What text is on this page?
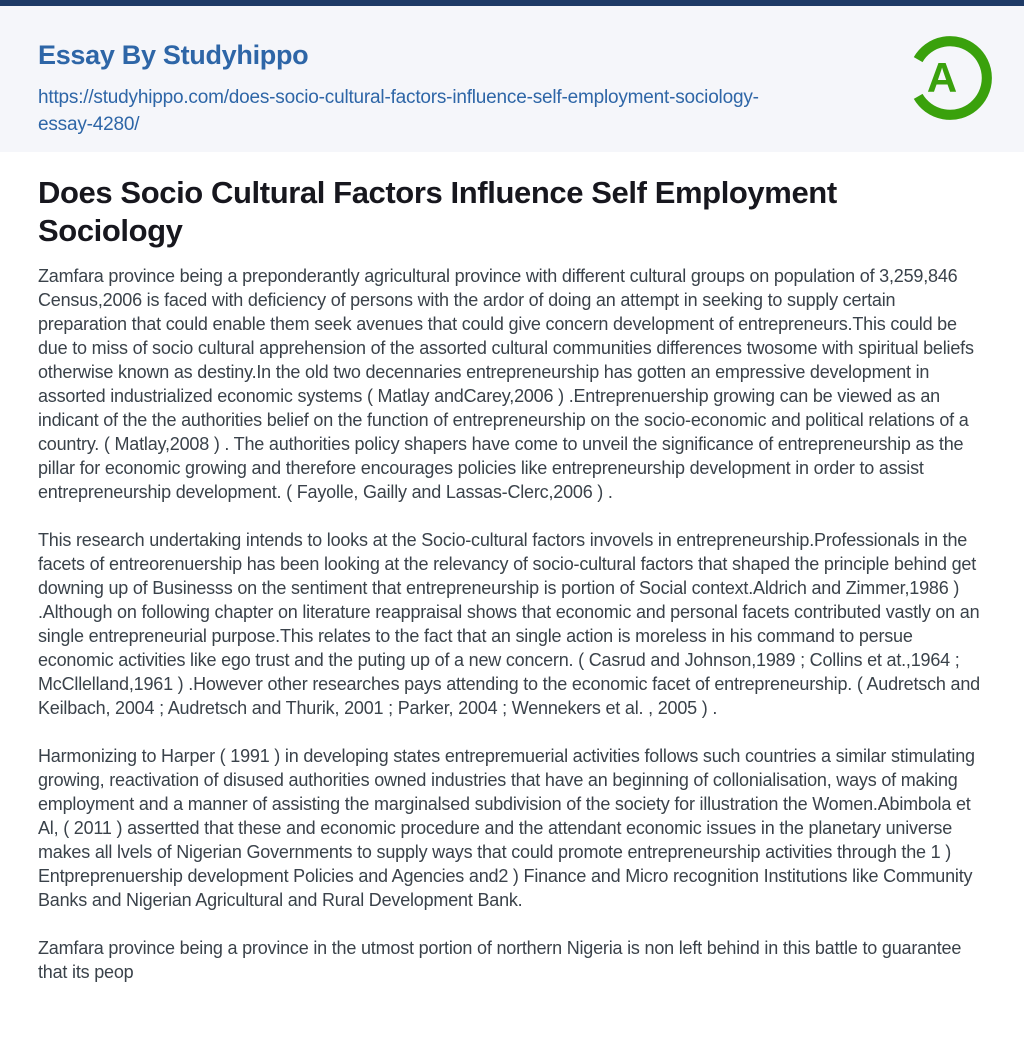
Essay By Studyhippo
https://studyhippo.com/does-socio-cultural-factors-influence-self-employment-sociology-essay-4280/
A
Does Socio Cultural Factors Influence Self Employment Sociology

Zamfara province being a preponderantly agricultural province with different cultural groups on population of 3,259,846 Census,2006 is faced with deficiency of persons with the ardor of doing an attempt in seeking to supply certain preparation that could enable them seek avenues that could give concern development of entrepreneurs.This could be due to miss of socio cultural apprehension of the assorted cultural communities differences twosome with spiritual beliefs otherwise known as destiny.In the old two decennaries entrepreneurship has gotten an empressive development in assorted industrialized economic systems ( Matlay andCarey,2006 ) .Entreprenuership growing can be viewed as an indicant of the the authorities belief on the function of entrepreneurship on the socio-economic and political relations of a country. ( Matlay,2008 ) . The authorities policy shapers have come to unveil the significance of entrepreneurship as the pillar for economic growing and therefore encourages policies like entrepreneurship development in order to assist entrepreneurship development. ( Fayolle, Gailly and Lassas-Clerc,2006 ) .

This research undertaking intends to looks at the Socio-cultural factors invovels in entrepreneurship.Professionals in the facets of entreorenuership has been looking at the relevancy of socio-cultural factors that shaped the principle behind get downing up of Businesss on the sentiment that entrepreneurship is portion of Social context.Aldrich and Zimmer,1986 ) .Although on following chapter on literature reappraisal shows that economic and personal facets contributed vastly on an single entrepreneurial purpose.This relates to the fact that an single action is moreless in his command to persue economic activities like ego trust and the puting up of a new concern. ( Casrud and Johnson,1989 ; Collins et at.,1964 ; McCllelland,1961 ) .However other researches pays attending to the economic facet of entrepreneurship. ( Audretsch and Keilbach, 2004 ; Audretsch and Thurik, 2001 ; Parker, 2004 ; Wennekers et al. , 2005 ) .

Harmonizing to Harper ( 1991 ) in developing states entrepremuerial activities follows such countries a similar stimulating growing, reactivation of disused authorities owned industries that have an beginning of collonialisation, ways of making employment and a manner of assisting the marginalsed subdivision of the society for illustration the Women.Abimbola et Al, ( 2011 ) assertted that these and economic procedure and the attendant economic issues in the planetary universe makes all lvels of Nigerian Governments to supply ways that could promote entrepreneurship activities through the 1 ) Entpreprenuership development Policies and Agencies and2 ) Finance and Micro recognition Institutions like Community Banks and Nigerian Agricultural and Rural Development Bank.

Zamfara province being a province in the utmost portion of northern Nigeria is non left behind in this battle to guarantee that its peop
